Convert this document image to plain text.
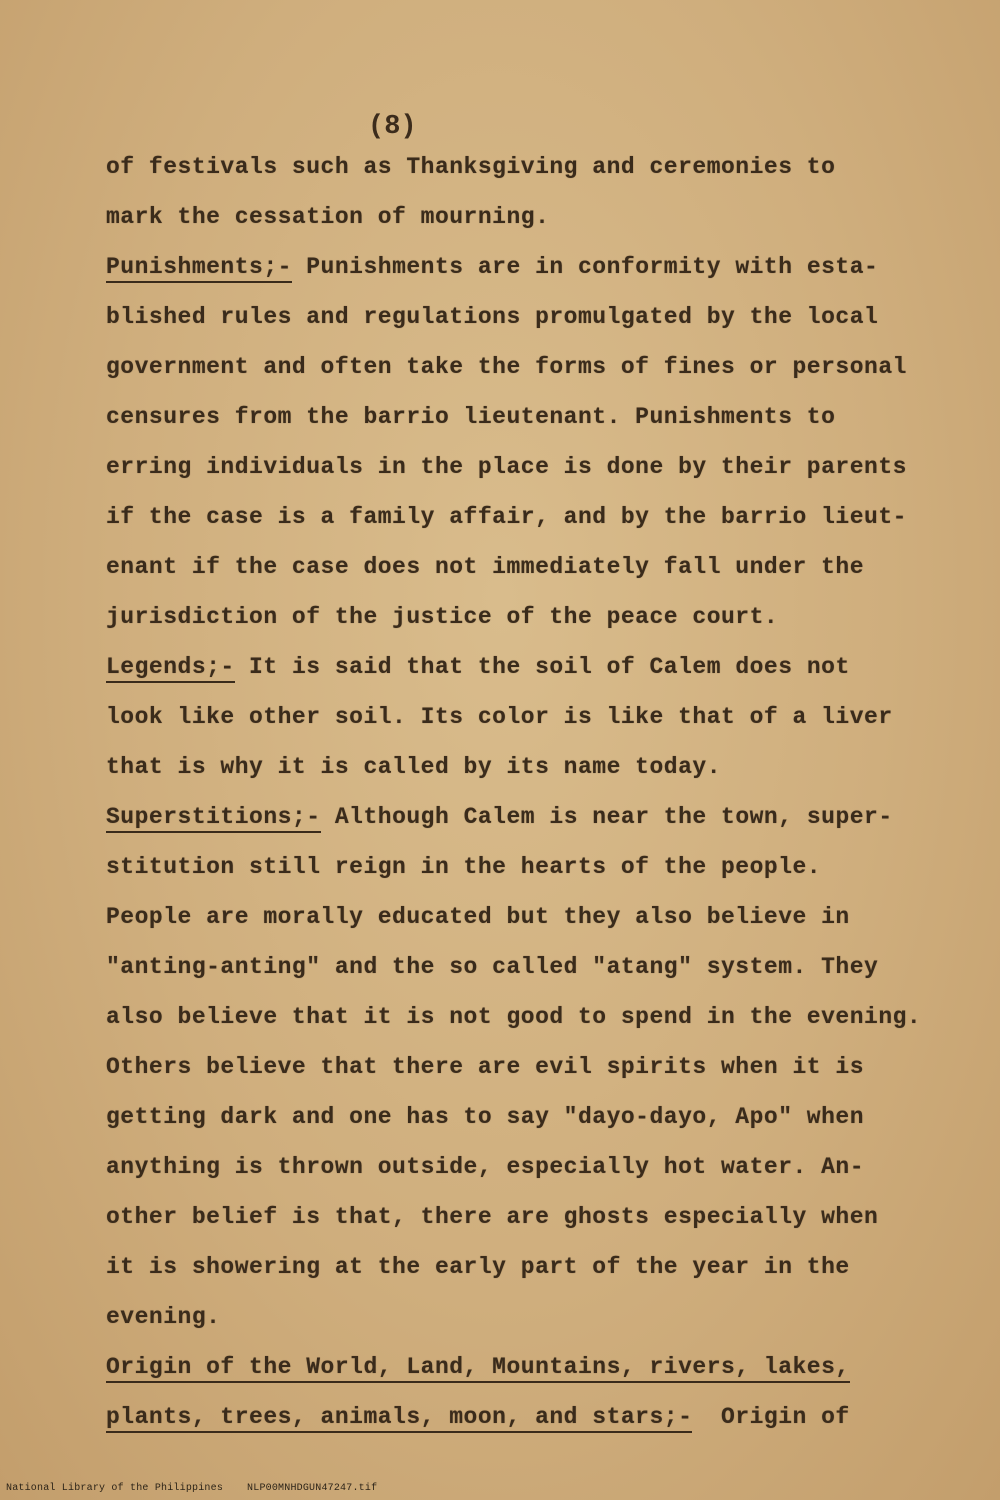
(8)
of festivals such as Thanksgiving and ceremonies to
mark the cessation of mourning.
Punishments;- Punishments are in conformity with esta-
blished rules and regulations promulgated by the local
government and often take the forms of fines or personal
censures from the barrio lieutenant. Punishments to
erring individuals in the place is done by their parents
if the case is a family affair, and by the barrio lieut-
enant if the case does not immediately fall under the
jurisdiction of the justice of the peace court.
Legends;- It is said that the soil of Calem does not
look like other soil. Its color is like that of a liver
that is why it is called by its name today.
Superstitions;- Although Calem is near the town, super-
stitution still reign in the hearts of the people.
People are morally educated but they also believe in
"anting-anting" and the so called "atang" system. They
also believe that it is not good to spend in the evening.
Others believe that there are evil spirits when it is
getting dark and one has to say "dayo-dayo, Apo" when
anything is thrown outside, especially hot water. An-
other belief is that, there are ghosts especially when
it is showering at the early part of the year in the
evening.
Origin of the World, Land, Mountains, rivers, lakes,
plants, trees, animals, moon, and stars;- Origin of
National Library of the Philippines NLP00MNHDGUN47247.tif
